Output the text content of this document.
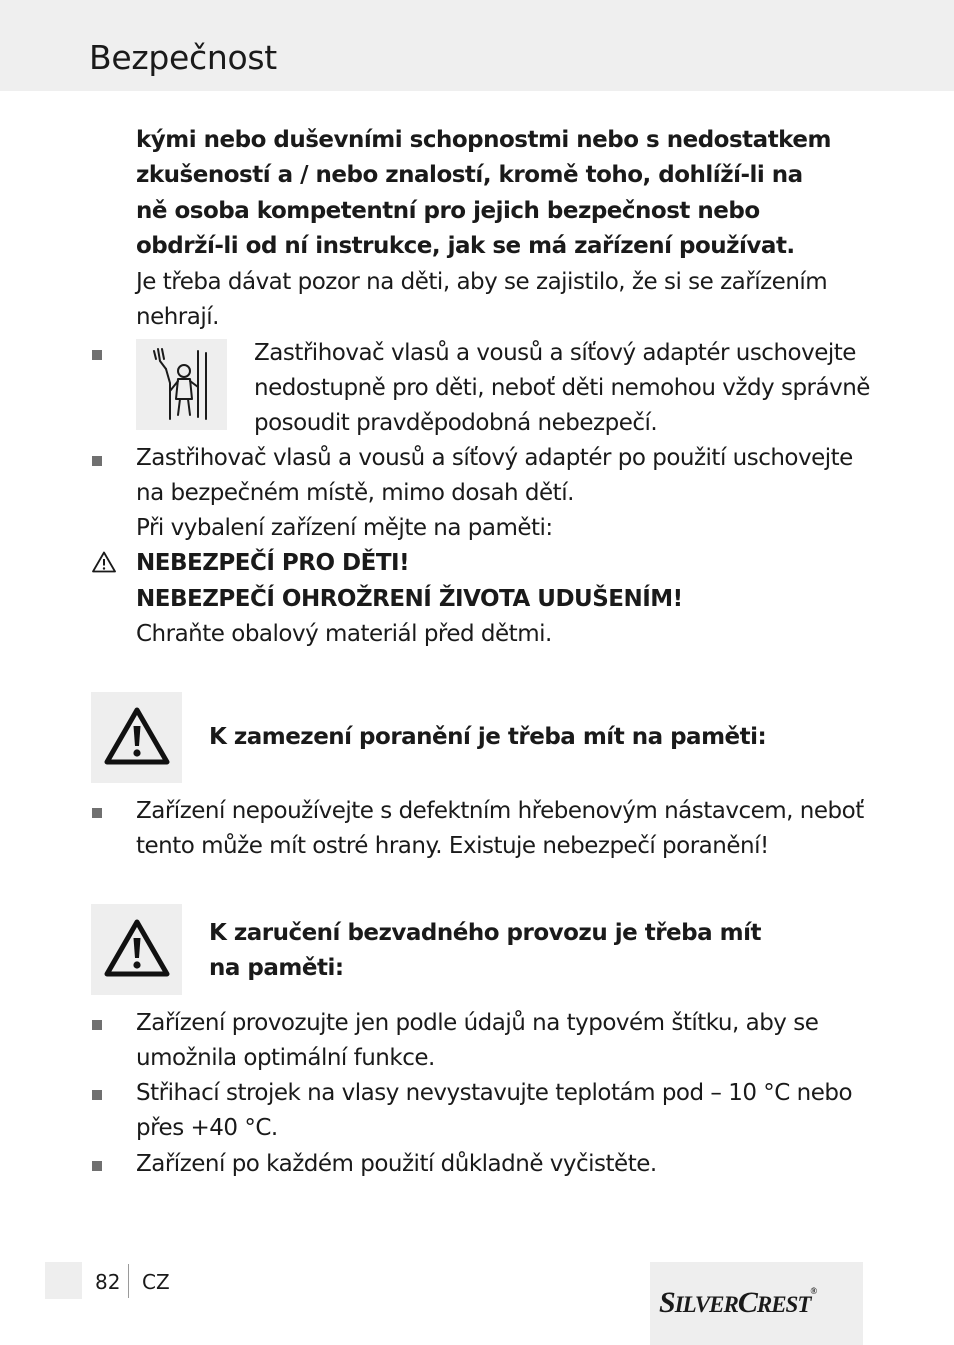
Bezpečnost
kými nebo duševními schopnostmi nebo s nedostatkem
zkušeností a / nebo znalostí, kromě toho, dohlíží-li na
ně osoba kompetentní pro jejich bezpečnost nebo
obdrží-li od ní instrukce, jak se má zařízení používat.
Je třeba dávat pozor na děti, aby se zajistilo, že si se zařízením
nehrají.
Zastřihovač vlasů a vousů a síťový adaptér uschovejte
nedostupně pro děti, neboť děti nemohou vždy správně
posoudit pravděpodobná nebezpečí.
Zastřihovač vlasů a vousů a síťový adaptér po použití uschovejte
na bezpečném místě, mimo dosah dětí.
Při vybalení zařízení mějte na paměti:
NEBEZPEČÍ PRO DĚTI!
NEBEZPEČÍ OHROŽRENÍ ŽIVOTA UDUŠENÍM!
Chraňte obalový materiál před dětmi.
K zamezení poranění je třeba mít na paměti:
Zařízení nepoužívejte s defektním hřebenovým nástavcem, neboť
tento může mít ostré hrany. Existuje nebezpečí poranění!
K zaručení bezvadného provozu je třeba mít
na paměti:
Zařízení provozujte jen podle údajů na typovém štítku, aby se
umožnila optimální funkce.
Střihací strojek na vlasy nevystavujte teplotám pod – 10 °C nebo
přes +40 °C.
Zařízení po každém použití důkladně vyčistěte.
82 CZ
SILVERCREST®
